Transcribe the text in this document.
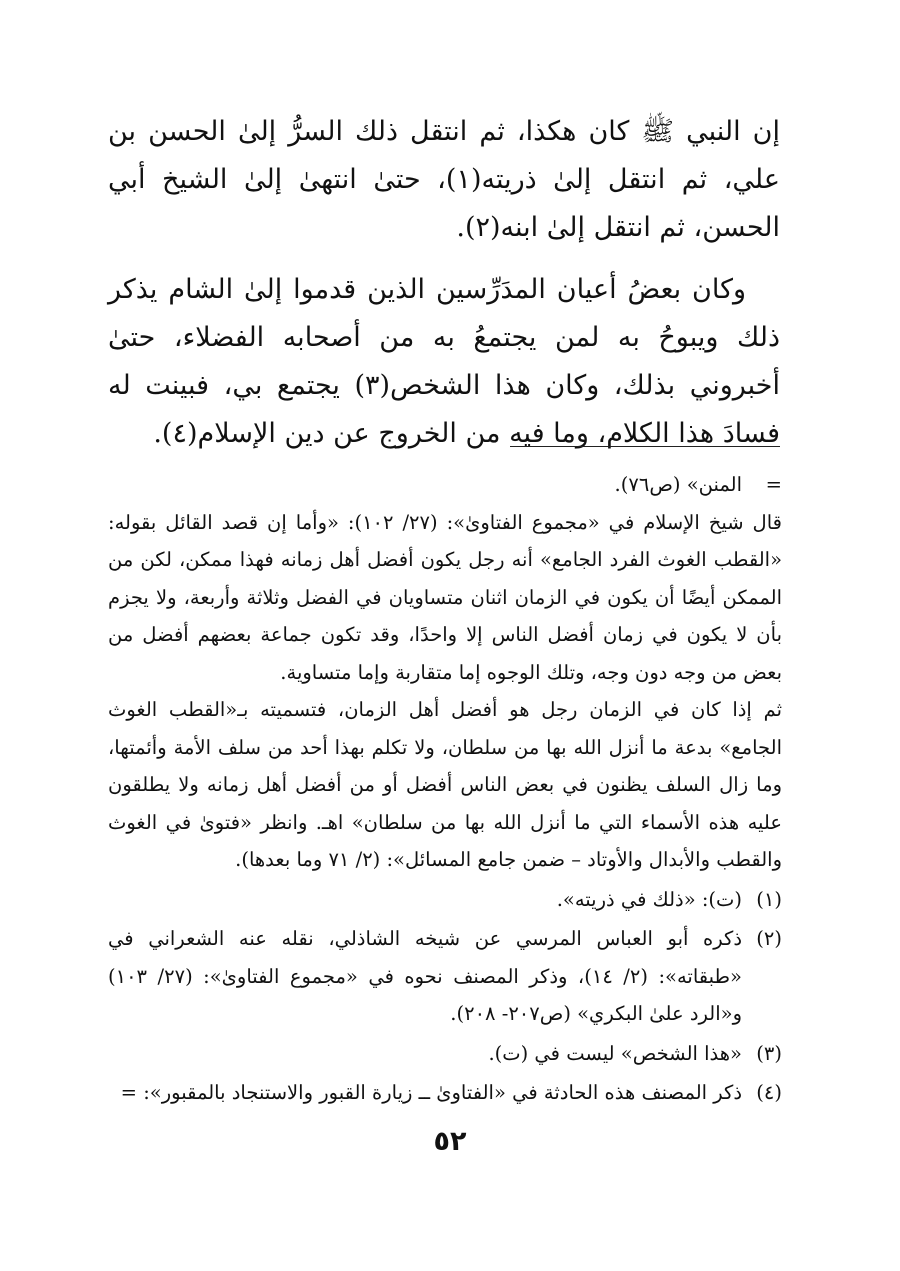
إن النبي ﷺ كان هكذا، ثم انتقل ذلك السرُّ إلىٰ الحسن بن علي، ثم انتقل إلىٰ ذريته(١)، حتىٰ انتهىٰ إلىٰ الشيخ أبي الحسن، ثم انتقل إلىٰ ابنه(٢).

وكان بعضُ أعيان المدَرِّسين الذين قدموا إلىٰ الشام يذكر ذلك ويبوحُ به لمن يجتمعُ به من أصحابه الفضلاء، حتىٰ أخبروني بذلك، وكان هذا الشخص(٣) يجتمع بي، فبينت له فسادَ هذا الكلام، وما فيه من الخروج عن دين الإسلام(٤).

=

المنن» (ص٧٦).

قال شيخ الإسلام في «مجموع الفتاوىٰ»: (٢٧/ ١٠٢): «وأما إن قصد القائل بقوله: «القطب الغوث الفرد الجامع» أنه رجل يكون أفضل أهل زمانه فهذا ممكن، لكن من الممكن أيضًا أن يكون في الزمان اثنان متساويان في الفضل وثلاثة وأربعة، ولا يجزم بأن لا يكون في زمان أفضل الناس إلا واحدًا، وقد تكون جماعة بعضهم أفضل من بعض من وجه دون وجه، وتلك الوجوه إما متقاربة وإما متساوية.

ثم إذا كان في الزمان رجل هو أفضل أهل الزمان، فتسميته بـ«القطب الغوث الجامع» بدعة ما أنزل الله بها من سلطان، ولا تكلم بهذا أحد من سلف الأمة وأئمتها، وما زال السلف يظنون في بعض الناس أفضل أو من أفضل أهل زمانه ولا يطلقون عليه هذه الأسماء التي ما أنزل الله بها من سلطان» اهـ. وانظر «فتوىٰ في الغوث والقطب والأبدال والأوتاد – ضمن جامع المسائل»: (٢/ ٧١ وما بعدها).

(١)

(ت): «ذلك في ذريته».

(٢)

ذكره أبو العباس المرسي عن شيخه الشاذلي، نقله عنه الشعراني في «طبقاته»: (٢/ ١٤)، وذكر المصنف نحوه في «مجموع الفتاوىٰ»: (٢٧/ ١٠٣) و«الرد علىٰ البكري» (ص٢٠٧- ٢٠٨).

(٣)

«هذا الشخص» ليست في (ت).

(٤)

ذكر المصنف هذه الحادثة في «الفتاوىٰ ــ زيارة القبور والاستنجاد بالمقبور»: =

٥٢
